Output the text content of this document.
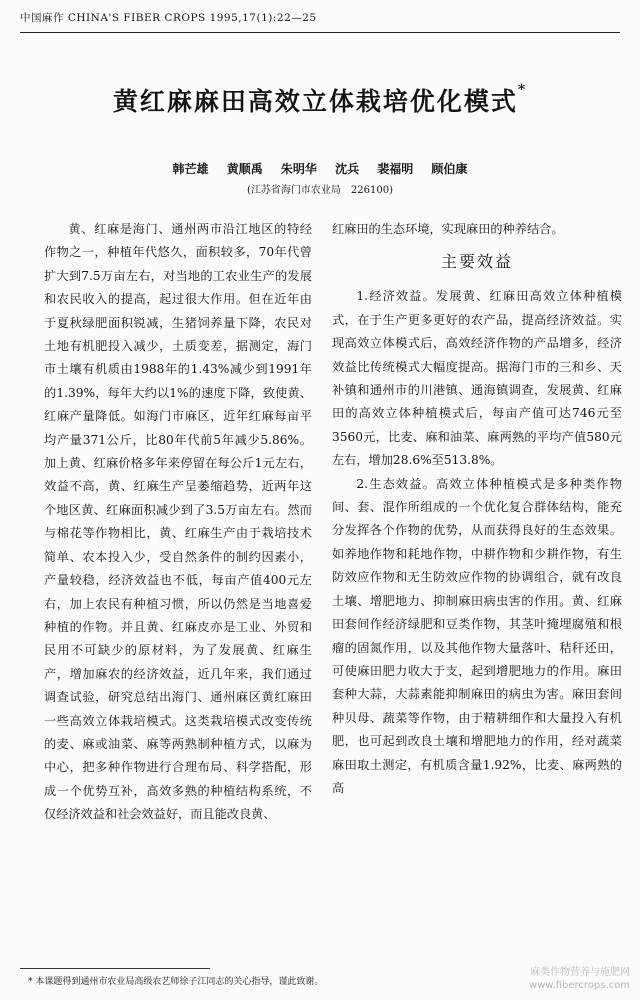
中国麻作 CHINA'S FIBER CROPS 1995,17(1):22—25
黄红麻麻田高效立体栽培优化模式*
韩芒雄 黄顺禹 朱明华 沈兵 裴福明 顾伯康
(江苏省海门市农业局　226100)

黄、红麻是海门、通州两市沿江地区的特经作物之一，种植年代悠久，面积较多，70年代曾扩大到7.5万亩左右，对当地的工农业生产的发展和农民收入的提高，起过很大作用。但在近年由于夏秋绿肥面积锐减，生猪饲养量下降，农民对土地有机肥投入减少，土质变差，据测定，海门市土壤有机质由1988年的1.43%减少到1991年的1.39%，每年大约以1%的速度下降，致使黄、红麻产量降低。如海门市麻区，近年红麻每亩平均产量371公斤，比80年代前5年减少5.86%。加上黄、红麻价格多年来停留在每公斤1元左右，效益不高，黄、红麻生产呈萎缩趋势，近两年这个地区黄、红麻面积减少到了3.5万亩左右。然而与棉花等作物相比，黄、红麻生产由于栽培技术简单、农本投入少，受自然条件的制约因素小，产量较稳，经济效益也不低，每亩产值400元左右，加上农民有种植习惯，所以仍然是当地喜爱种植的作物。并且黄、红麻皮亦是工业、外贸和民用不可缺少的原材料，为了发展黄、红麻生产，增加麻农的经济效益，近几年来，我们通过调查试验，研究总结出海门、通州麻区黄红麻田一些高效立体栽培模式。这类栽培模式改变传统的麦、麻或油菜、麻等两熟制种植方式，以麻为中心，把多种作物进行合理布局、科学搭配，形成一个优势互补，高效多熟的种植结构系统，不仅经济效益和社会效益好，而且能改良黄、

红麻田的生态环境，实现麻田的种养结合。

主要效益

1.经济效益。发展黄、红麻田高效立体种植模式，在于生产更多更好的农产品，提高经济效益。实现高效立体模式后，高效经济作物的产品增多，经济效益比传统模式大幅度提高。据海门市的三和乡、天补镇和通州市的川港镇、通海镇调查，发展黄、红麻田的高效立体种植模式后，每亩产值可达746元至3560元，比麦、麻和油菜、麻两熟的平均产值580元左右，增加28.6%至513.8%。

2.生态效益。高效立体种植模式是多种类作物间、套、混作所组成的一个优化复合群体结构，能充分发挥各个作物的优势，从而获得良好的生态效果。如养地作物和耗地作物，中耕作物和少耕作物，有生防效应作物和无生防效应作物的协调组合，就有改良土壤、增肥地力、抑制麻田病虫害的作用。黄、红麻田套间作经济绿肥和豆类作物，其茎叶掩埋腐殖和根瘤的固氮作用，以及其他作物大量落叶、秸秆还田，可使麻田肥力收大于支，起到增肥地力的作用。麻田套种大蒜，大蒜素能抑制麻田的病虫为害。麻田套间种贝母、蔬菜等作物，由于精耕细作和大量投入有机肥，也可起到改良土壤和增肥地力的作用，经对蔬菜麻田取土测定，有机质含量1.92%，比麦、麻两熟的高

* 本课题得到通州市农业局高级农艺师徐子江同志的关心指导，谨此致谢。
麻类作物营养与施肥网
www.fibercrops.com
